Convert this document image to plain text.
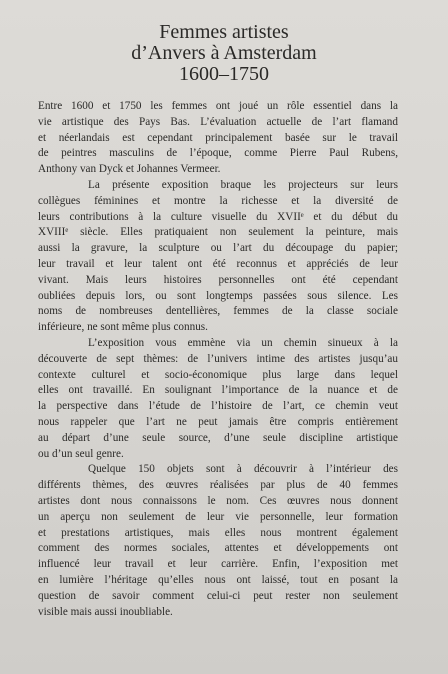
Femmes artistes
d’Anvers à Amsterdam
1600–1750
Entre 1600 et 1750 les femmes ont joué un rôle essentiel dans la
vie artistique des Pays Bas. L’évaluation actuelle de l’art flamand
et néerlandais est cependant principalement basée sur le travail
de peintres masculins de l’époque, comme Pierre Paul Rubens,
Anthony van Dyck et Johannes Vermeer.
La présente exposition braque les projecteurs sur leurs
collègues féminines et montre la richesse et la diversité de
leurs contributions à la culture visuelle du XVIIᵉ et du début du
XVIIIᵉ siècle. Elles pratiquaient non seulement la peinture, mais
aussi la gravure, la sculpture ou l’art du découpage du papier;
leur travail et leur talent ont été reconnus et appréciés de leur
vivant. Mais leurs histoires personnelles ont été cependant
oubliées depuis lors, ou sont longtemps passées sous silence. Les
noms de nombreuses dentellières, femmes de la classe sociale
inférieure, ne sont même plus connus.
L’exposition vous emmène via un chemin sinueux à la
découverte de sept thèmes: de l’univers intime des artistes jusqu’au
contexte culturel et socio-économique plus large dans lequel
elles ont travaillé. En soulignant l’importance de la nuance et de
la perspective dans l’étude de l’histoire de l’art, ce chemin veut
nous rappeler que l’art ne peut jamais être compris entièrement
au départ d’une seule source, d’une seule discipline artistique
ou d’un seul genre.
Quelque 150 objets sont à découvrir à l’intérieur des
différents thèmes, des œuvres réalisées par plus de 40 femmes
artistes dont nous connaissons le nom. Ces œuvres nous donnent
un aperçu non seulement de leur vie personnelle, leur formation
et prestations artistiques, mais elles nous montrent également
comment des normes sociales, attentes et développements ont
influencé leur travail et leur carrière. Enfin, l’exposition met
en lumière l’héritage qu’elles nous ont laissé, tout en posant la
question de savoir comment celui-ci peut rester non seulement
visible mais aussi inoubliable.
